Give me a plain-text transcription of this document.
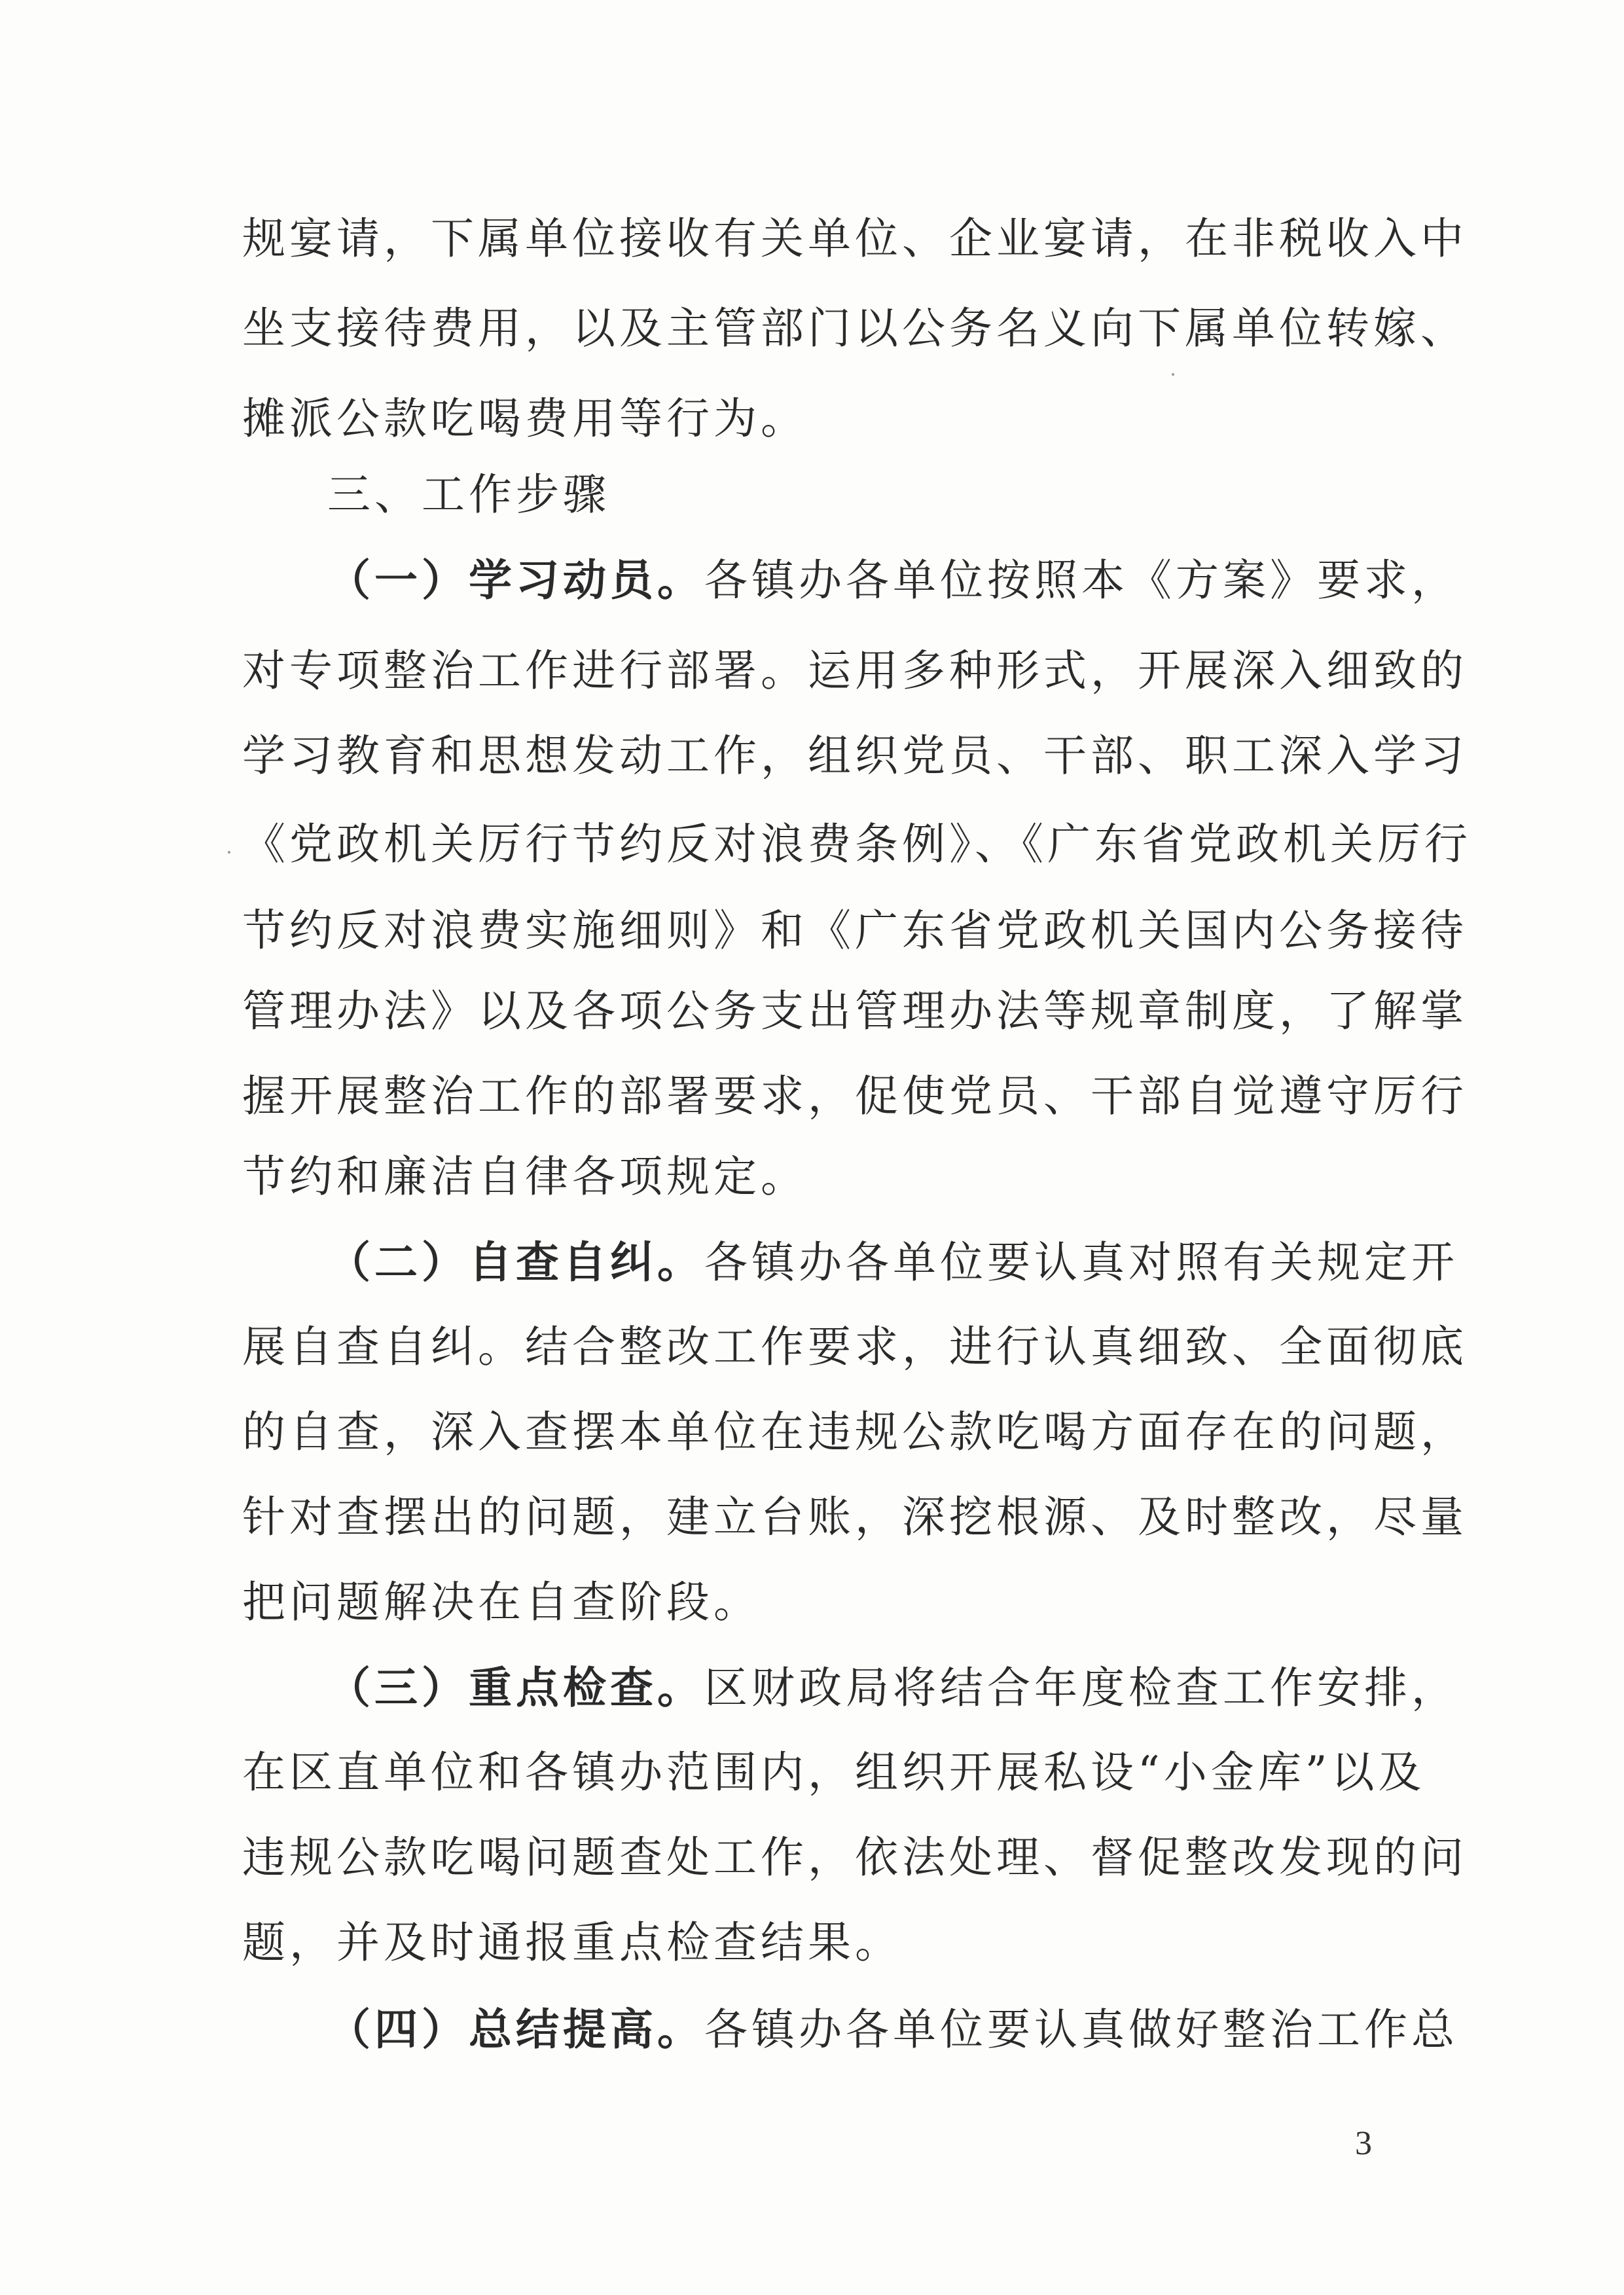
规宴请，下属单位接收有关单位、企业宴请，在非税收入中
坐支接待费用，以及主管部门以公务名义向下属单位转嫁、
摊派公款吃喝费用等行为。
三、工作步骤
（一）学习动员。各镇办各单位按照本《方案》要求，
对专项整治工作进行部署。运用多种形式，开展深入细致的
学习教育和思想发动工作，组织党员、干部、职工深入学习
《党政机关厉行节约反对浪费条例》、《广东省党政机关厉行
节约反对浪费实施细则》和《广东省党政机关国内公务接待
管理办法》以及各项公务支出管理办法等规章制度，了解掌
握开展整治工作的部署要求，促使党员、干部自觉遵守厉行
节约和廉洁自律各项规定。
（二）自查自纠。各镇办各单位要认真对照有关规定开
展自查自纠。结合整改工作要求，进行认真细致、全面彻底
的自查，深入查摆本单位在违规公款吃喝方面存在的问题，
针对查摆出的问题，建立台账，深挖根源、及时整改，尽量
把问题解决在自查阶段。
（三）重点检查。区财政局将结合年度检查工作安排，
在区直单位和各镇办范围内，组织开展私设“小金库”以及
违规公款吃喝问题查处工作，依法处理、督促整改发现的问
题，并及时通报重点检查结果。
（四）总结提高。各镇办各单位要认真做好整治工作总
3
